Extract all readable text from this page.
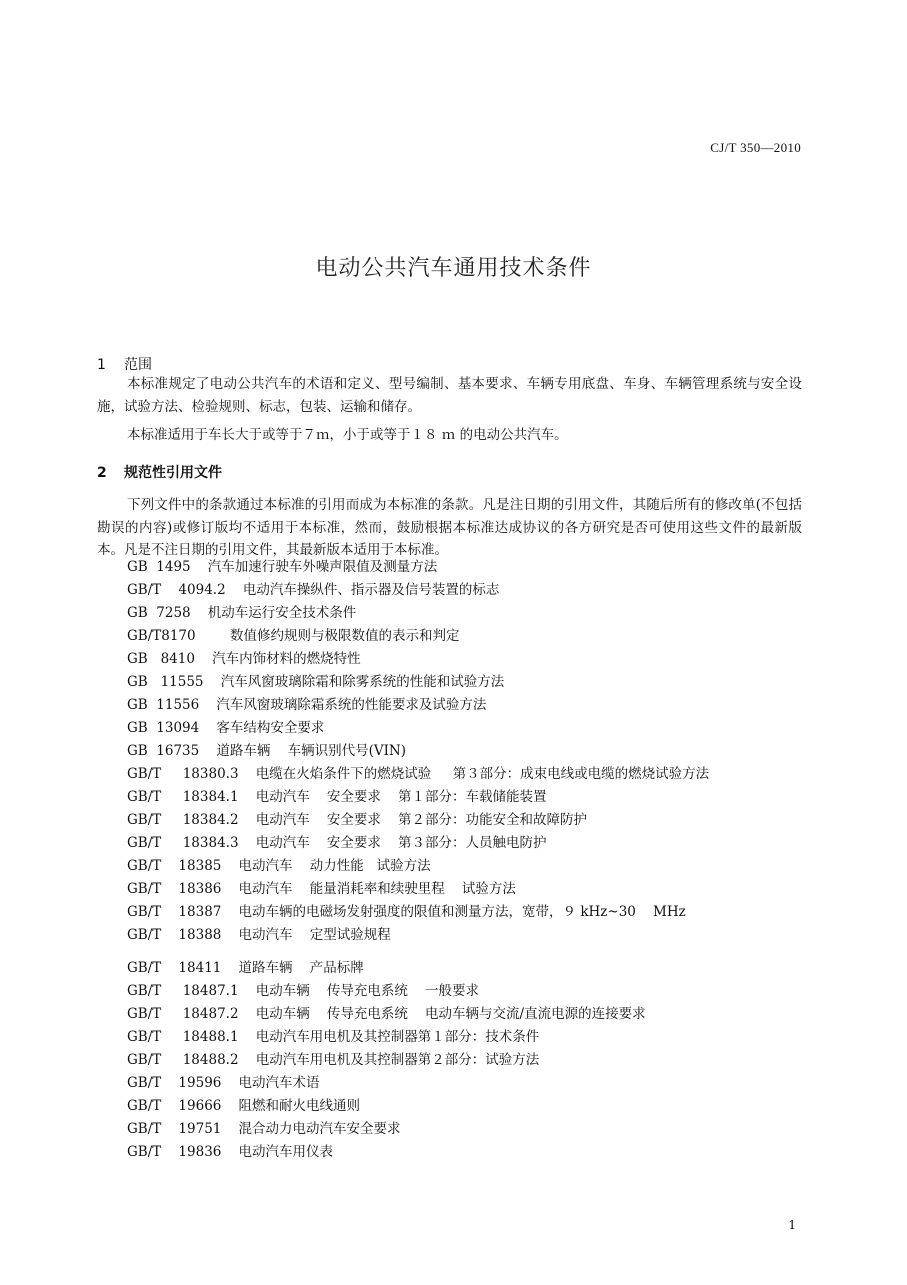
CJ/T 350—2010
电动公共汽车通用技术条件
1 范围

本标准规定了电动公共汽车的术语和定义、型号编制、基本要求、车辆专用底盘、车身、车辆管理系统与安全设施，试验方法、检验规则、标志，包装、运输和储存。

本标准适用于车长大于或等于７ｍ，小于或等于１８ ｍ 的电动公共汽车。

2 规范性引用文件

下列文件中的条款通过本标准的引用而成为本标准的条款。凡是注日期的引用文件，其随后所有的修改单(不包括勘误的内容)或修订版均不适用于本标准，然而，鼓励根据本标准达成协议的各方研究是否可使用这些文件的最新版本。凡是不注日期的引用文件，其最新版本适用于本标准。

GB  1495    汽车加速行驶车外噪声限值及测量方法
GB/T    4094.2    电动汽车操纵件、指示器及信号装置的标志
GB  7258    机动车运行安全技术条件
GB/T8170        数值修约规则与极限数值的表示和判定
GB   8410    汽车内饰材料的燃烧特性
GB   11555    汽车风窗玻璃除霜和除雾系统的性能和试验方法
GB  11556    汽车风窗玻璃除霜系统的性能要求及试验方法
GB  13094    客车结构安全要求
GB  16735    道路车辆    车辆识别代号(VIN)
GB/T     18380.3    电缆在火焰条件下的燃烧试验     第３部分：成束电线或电缆的燃烧试验方法
GB/T     18384.1    电动汽车    安全要求    第１部分：车载储能装置
GB/T     18384.2    电动汽车    安全要求    第２部分：功能安全和故障防护
GB/T     18384.3    电动汽车    安全要求    第３部分：人员触电防护
GB/T    18385    电动汽车    动力性能   试验方法
GB/T    18386    电动汽车    能量消耗率和续驶里程    试验方法
GB/T    18387    电动车辆的电磁场发射强度的限值和测量方法，宽带，９ kHz~30    MHz
GB/T    18388    电动汽车    定型试验规程
GB/T    18411    道路车辆    产品标牌
GB/T     18487.1    电动车辆    传导充电系统    一般要求
GB/T     18487.2    电动车辆    传导充电系统    电动车辆与交流/直流电源的连接要求
GB/T     18488.1    电动汽车用电机及其控制器第１部分：技术条件
GB/T     18488.2    电动汽车用电机及其控制器第２部分：试验方法
GB/T    19596    电动汽车术语
GB/T    19666    阻燃和耐火电线通则
GB/T    19751    混合动力电动汽车安全要求
GB/T    19836    电动汽车用仪表
1
